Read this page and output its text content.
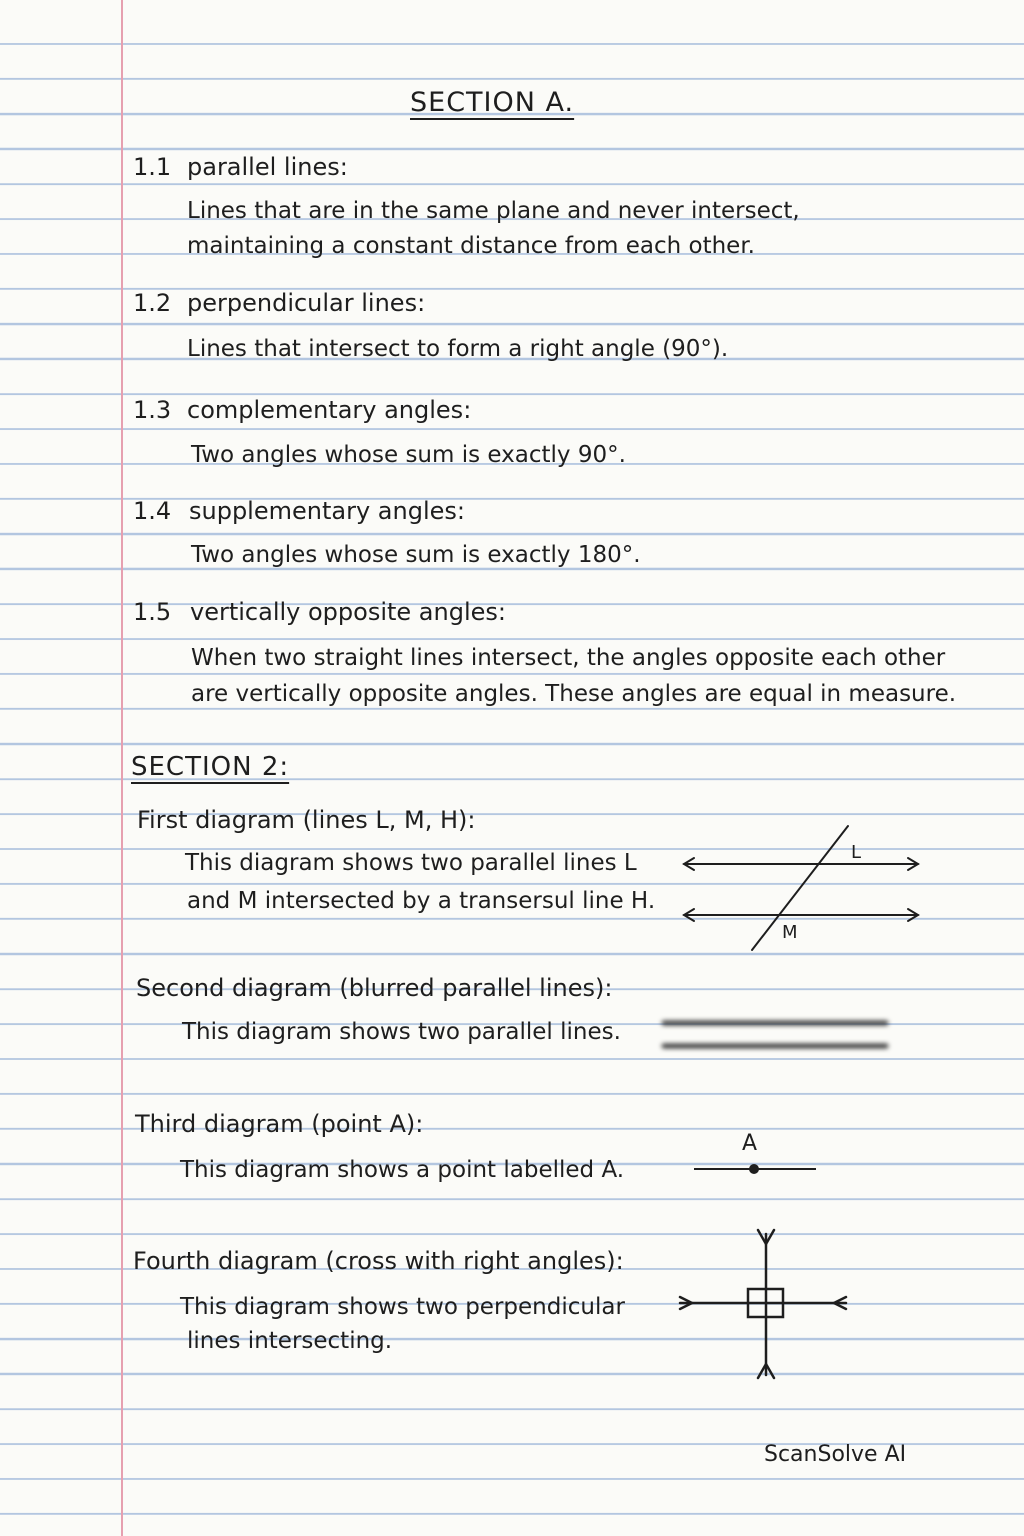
SECTION A.
1.1 parallel lines:
Lines that are in the same plane and never intersect,
maintaining a constant distance from each other.
1.2 perpendicular lines:
Lines that intersect to form a right angle (90°).
1.3 complementary angles:
Two angles whose sum is exactly 90°.
1.4 supplementary angles:
Two angles whose sum is exactly 180°.
1.5 vertically opposite angles:
When two straight lines intersect, the angles opposite each other
are vertically opposite angles. These angles are equal in measure.
SECTION 2:
First diagram (lines L, M, H):
This diagram shows two parallel lines L
and M intersected by a transersul line H.
Second diagram (blurred parallel lines):
This diagram shows two parallel lines.
Third diagram (point A):
This diagram shows a point labelled A.
Fourth diagram (cross with right angles):
This diagram shows two perpendicular
lines intersecting.
L
M
A
ScanSolve AI
